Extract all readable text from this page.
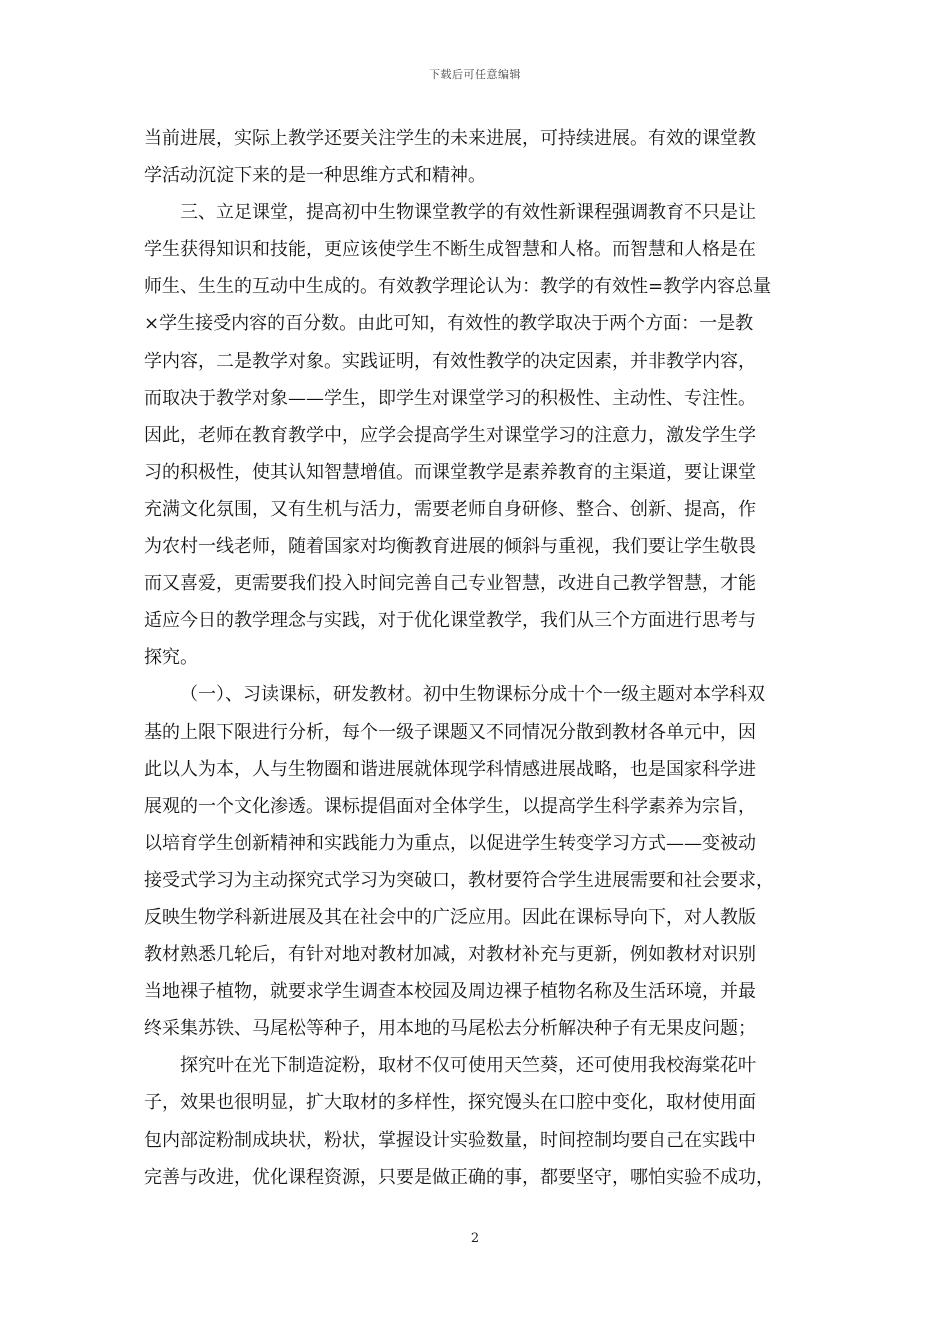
下载后可任意编辑
当前进展，实际上教学还要关注学生的未来进展，可持续进展。有效的课堂教
学活动沉淀下来的是一种思维方式和精神。
三、立足课堂，提高初中生物课堂教学的有效性新课程强调教育不只是让
学生获得知识和技能，更应该使学生不断生成智慧和人格。而智慧和人格是在
师生、生生的互动中生成的。有效教学理论认为：教学的有效性=教学内容总量
×学生接受内容的百分数。由此可知，有效性的教学取决于两个方面：一是教
学内容，二是教学对象。实践证明，有效性教学的决定因素，并非教学内容，
而取决于教学对象——学生，即学生对课堂学习的积极性、主动性、专注性。
因此，老师在教育教学中，应学会提高学生对课堂学习的注意力，激发学生学
习的积极性，使其认知智慧增值。而课堂教学是素养教育的主渠道，要让课堂
充满文化氛围，又有生机与活力，需要老师自身研修、整合、创新、提高，作
为农村一线老师，随着国家对均衡教育进展的倾斜与重视，我们要让学生敬畏
而又喜爱，更需要我们投入时间完善自己专业智慧，改进自己教学智慧，才能
适应今日的教学理念与实践，对于优化课堂教学，我们从三个方面进行思考与
探究。
（一）、习读课标，研发教材。初中生物课标分成十个一级主题对本学科双
基的上限下限进行分析，每个一级子课题又不同情况分散到教材各单元中，因
此以人为本，人与生物圈和谐进展就体现学科情感进展战略，也是国家科学进
展观的一个文化渗透。课标提倡面对全体学生，以提高学生科学素养为宗旨，
以培育学生创新精神和实践能力为重点，以促进学生转变学习方式——变被动
接受式学习为主动探究式学习为突破口，教材要符合学生进展需要和社会要求，
反映生物学科新进展及其在社会中的广泛应用。因此在课标导向下，对人教版
教材熟悉几轮后，有针对地对教材加减，对教材补充与更新，例如教材对识别
当地裸子植物，就要求学生调查本校园及周边裸子植物名称及生活环境，并最
终采集苏铁、马尾松等种子，用本地的马尾松去分析解决种子有无果皮问题；
探究叶在光下制造淀粉，取材不仅可使用天竺葵，还可使用我校海棠花叶
子，效果也很明显，扩大取材的多样性，探究馒头在口腔中变化，取材使用面
包内部淀粉制成块状，粉状，掌握设计实验数量，时间控制均要自己在实践中
完善与改进，优化课程资源，只要是做正确的事，都要坚守，哪怕实验不成功，
2
